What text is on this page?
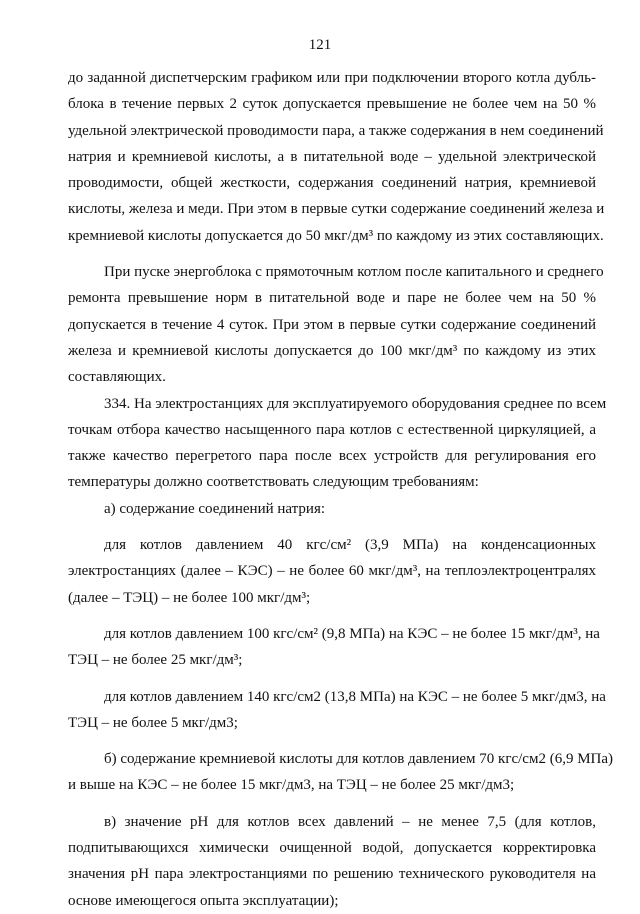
121
до заданной диспетчерским графиком или при подключении второго котла дубль-
блока в течение первых 2 суток допускается превышение не более чем на 50 %
удельной электрической проводимости пара, а также содержания в нем соединений
натрия и кремниевой кислоты, а в питательной воде – удельной электрической
проводимости, общей жесткости, содержания соединений натрия, кремниевой
кислоты, железа и меди. При этом в первые сутки содержание соединений железа и
кремниевой кислоты допускается до 50 мкг/дм³ по каждому из этих составляющих.
При пуске энергоблока с прямоточным котлом после капитального и среднего
ремонта превышение норм в питательной воде и паре не более чем на 50 %
допускается в течение 4 суток. При этом в первые сутки содержание соединений
железа и кремниевой кислоты допускается до 100 мкг/дм³ по каждому из этих
составляющих.
334. На электростанциях для эксплуатируемого оборудования среднее по всем
точкам отбора качество насыщенного пара котлов с естественной циркуляцией, а
также качество перегретого пара после всех устройств для регулирования его
температуры должно соответствовать следующим требованиям:
а) содержание соединений натрия:
для котлов давлением 40 кгс/см² (3,9 МПа) на конденсационных
электростанциях (далее – КЭС) – не более 60 мкг/дм³, на теплоэлектроцентралях
(далее – ТЭЦ) – не более 100 мкг/дм³;
для котлов давлением 100 кгс/см² (9,8 МПа) на КЭС – не более 15 мкг/дм³, на
ТЭЦ – не более 25 мкг/дм³;
для котлов давлением 140 кгс/см2 (13,8 МПа) на КЭС – не более 5 мкг/дм3, на
ТЭЦ – не более 5 мкг/дм3;
б) содержание кремниевой кислоты для котлов давлением 70 кгс/см2 (6,9 МПа)
и выше на КЭС – не более 15 мкг/дм3, на ТЭЦ – не более 25 мкг/дм3;
в) значение pH для котлов всех давлений – не менее 7,5 (для котлов,
подпитывающихся химически очищенной водой, допускается корректировка
значения pH пара электростанциями по решению технического руководителя на
основе имеющегося опыта эксплуатации);
